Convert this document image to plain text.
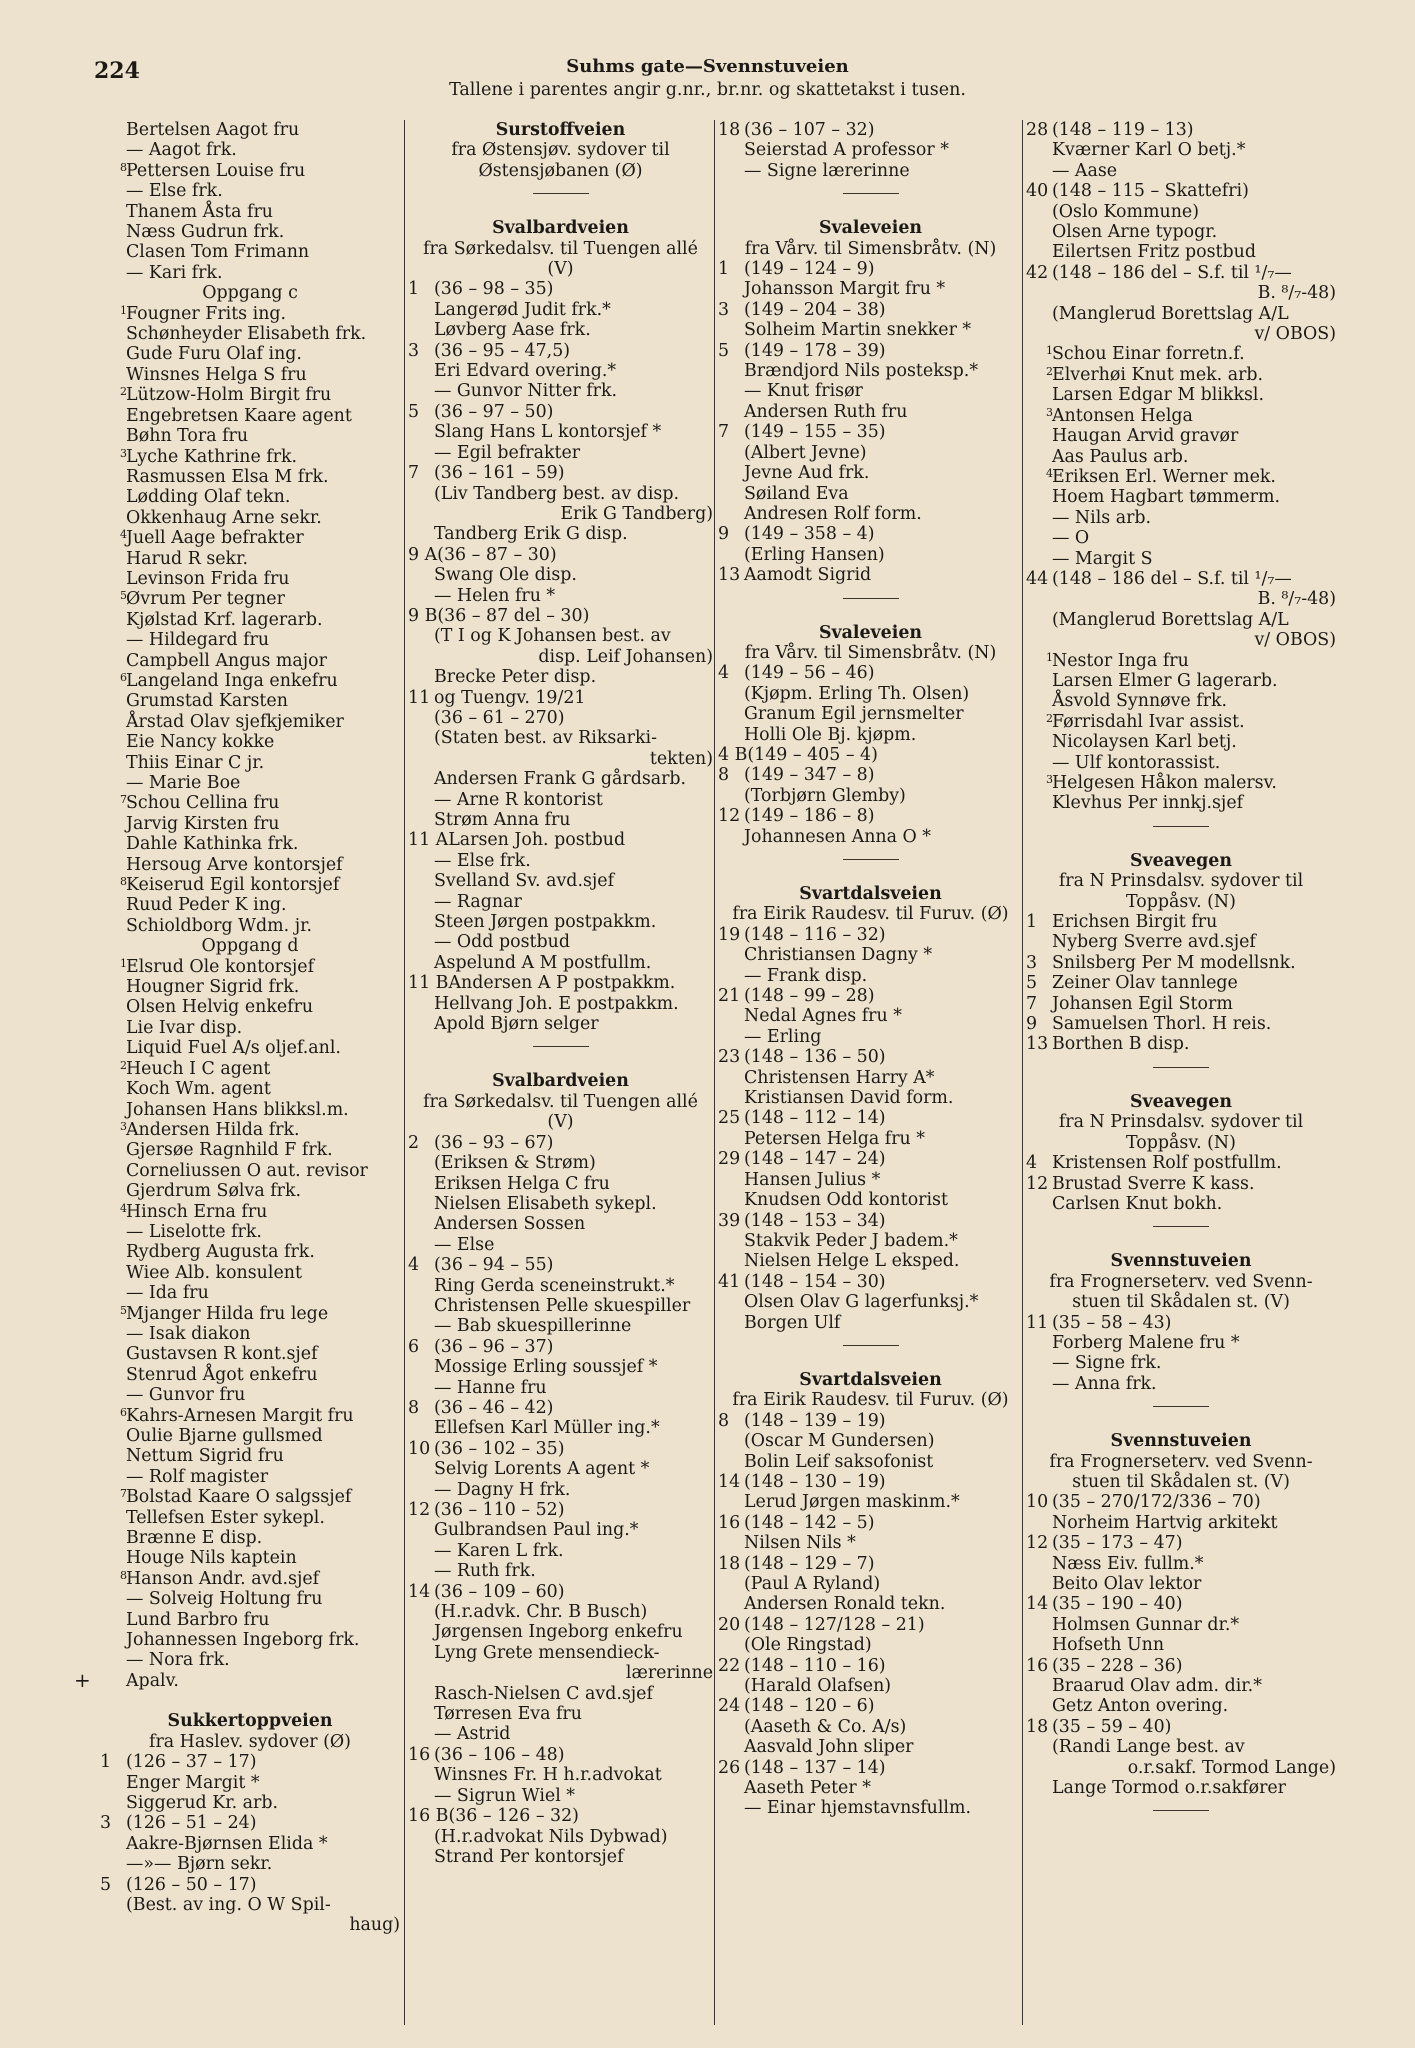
224	Suhms gate—Svennstuveien
Tallene i parentes angir g.nr., br.nr. og skattetakst i tusen.
Bertelsen Aagot fru
— Aagot frk.
8 Pettersen Louise fru
— Else frk.
Thanem Åsta fru
Næss Gudrun frk.
Clasen Tom Frimann
— Kari frk.
Oppgang c
1 Fougner Frits ing.
Schønheyder Elisabeth frk.
Gude Furu Olaf ing.
Winsnes Helga S fru
2 Lützow-Holm Birgit fru
Engebretsen Kaare agent
Bøhn Tora fru
3 Lyche Kathrine frk.
Rasmussen Elsa M frk.
Lødding Olaf tekn.
Okkenhaug Arne sekr.
4 Juell Aage befrakter
Harud R sekr.
Levinson Frida fru
5 Øvrum Per tegner
Kjølstad Krf. lagerarb.
— Hildegard fru
Campbell Angus major
6 Langeland Inga enkefru
Grumstad Karsten
Årstad Olav sjefkjemiker
Eie Nancy kokke
Thiis Einar C jr.
— Marie Boe
7 Schou Cellina fru
Jarvig Kirsten fru
Dahle Kathinka frk.
Hersoug Arve kontorsjef
8 Keiserud Egil kontorsjef
Ruud Peder K ing.
Schioldborg Wdm. jr.
Oppgang d
1 Elsrud Ole kontorsjef
Hougner Sigrid frk.
Olsen Helvig enkefru
Lie Ivar disp.
Liquid Fuel A/s oljef.anl.
2 Heuch I C agent
Koch Wm. agent
Johansen Hans blikksl.m.
3 Andersen Hilda frk.
Gjersøe Ragnhild F frk.
Corneliussen O aut. revisor
Gjerdrum Sølva frk.
4 Hinsch Erna fru
— Liselotte frk.
Rydberg Augusta frk.
Wiee Alb. konsulent
— Ida fru
5 Mjanger Hilda fru lege
— Isak diakon
Gustavsen R kont.sjef
Stenrud Ågot enkefru
— Gunvor fru
6 Kahrs-Arnesen Margit fru
Oulie Bjarne gullsmed
Nettum Sigrid fru
— Rolf magister
7 Bolstad Kaare O salgssjef
Tellefsen Ester sykepl.
Brænne E disp.
Houge Nils kaptein
8 Hanson Andr. avd.sjef
— Solveig Holtung fru
Lund Barbro fru
Johannessen Ingeborg frk.
— Nora frk.
+ Apalv.
Sukkertoppveien
fra Haslev. sydover (Ø)
1 (126 – 37 – 17)
Enger Margit *
Siggerud Kr. arb.
3 (126 – 51 – 24)
Aakre-Bjørnsen Elida *
—»— Bjørn sekr.
5 (126 – 50 – 17)
(Best. av ing. O W Spil-
haug)
Surstoffveien
fra Østensjøv. sydover til Østensjøbanen (Ø)
Svalbardveien
fra Sørkedalsv. til Tuengen allé (V)
1 (36 – 98 – 35)
Langerød Judit frk.*
Løvberg Aase frk.
3 (36 – 95 – 47,5)
Eri Edvard overing.*
— Gunvor Nitter frk.
5 (36 – 97 – 50)
Slang Hans L kontorsjef *
— Egil befrakter
7 (36 – 161 – 59)
(Liv Tandberg best. av disp.
Erik G Tandberg)
Tandberg Erik G disp.
9 A(36 – 87 – 30)
Swang Ole disp.
— Helen fru *
9 B(36 – 87 del – 30)
(T I og K Johansen best. av
disp. Leif Johansen)
Brecke Peter disp.
11 og Tuengv. 19/21
(36 – 61 – 270)
(Staten best. av Riksarki-
tekten)
Andersen Frank G gårdsarb.
— Arne R kontorist
Strøm Anna fru
11 ALarsen Joh. postbud
— Else frk.
Svelland Sv. avd.sjef
— Ragnar
Steen Jørgen postpakkm.
— Odd postbud
Aspelund A M postfullm.
11 BAndersen A P postpakkm.
Hellvang Joh. E postpakkm.
Apold Bjørn selger
Svalbardveien
fra Sørkedalsv. til Tuengen allé (V)
2 (36 – 93 – 67)
(Eriksen & Strøm)
Eriksen Helga C fru
Nielsen Elisabeth sykepl.
Andersen Sossen
— Else
4 (36 – 94 – 55)
Ring Gerda sceneinstrukt.*
Christensen Pelle skuespiller
— Bab skuespillerinne
6 (36 – 96 – 37)
Mossige Erling soussjef *
— Hanne fru
8 (36 – 46 – 42)
Ellefsen Karl Müller ing.*
10 (36 – 102 – 35)
Selvig Lorents A agent *
— Dagny H frk.
12 (36 – 110 – 52)
Gulbrandsen Paul ing.*
— Karen L frk.
— Ruth frk.
14 (36 – 109 – 60)
(H.r.advk. Chr. B Busch)
Jørgensen Ingeborg enkefru
Lyng Grete mensendieck-
lærerinne
Rasch-Nielsen C avd.sjef
Tørresen Eva fru
— Astrid
16 (36 – 106 – 48)
Winsnes Fr. H h.r.advokat
— Sigrun Wiel *
16 B(36 – 126 – 32)
(H.r.advokat Nils Dybwad)
Strand Per kontorsjef
18 (36 – 107 – 32)
Seierstad A professor *
— Signe lærerinne
Svaleveien
fra Vårv. til Simensbråtv. (N)
1 (149 – 124 – 9)
Johansson Margit fru *
3 (149 – 204 – 38)
Solheim Martin snekker *
5 (149 – 178 – 39)
Brændjord Nils posteksp.*
— Knut frisør
Andersen Ruth fru
7 (149 – 155 – 35)
(Albert Jevne)
Jevne Aud frk.
Søiland Eva
Andresen Rolf form.
9 (149 – 358 – 4)
(Erling Hansen)
13 Aamodt Sigrid
Svaleveien
fra Vårv. til Simensbråtv. (N)
4 (149 – 56 – 46)
(Kjøpm. Erling Th. Olsen)
Granum Egil jernsmelter
Holli Ole Bj. kjøpm.
4 B(149 – 405 – 4)
8 (149 – 347 – 8)
(Torbjørn Glemby)
12 (149 – 186 – 8)
Johannesen Anna O *
Svartdalsveien
fra Eirik Raudesv. til Furuv. (Ø)
19 (148 – 116 – 32)
Christiansen Dagny *
— Frank disp.
21 (148 – 99 – 28)
Nedal Agnes fru *
— Erling
23 (148 – 136 – 50)
Christensen Harry A*
Kristiansen David form.
25 (148 – 112 – 14)
Petersen Helga fru *
29 (148 – 147 – 24)
Hansen Julius *
Knudsen Odd kontorist
39 (148 – 153 – 34)
Stakvik Peder J badem.*
Nielsen Helge L eksped.
41 (148 – 154 – 30)
Olsen Olav G lagerfunksj.*
Borgen Ulf
Svartdalsveien
fra Eirik Raudesv. til Furuv. (Ø)
8 (148 – 139 – 19)
(Oscar M Gundersen)
Bolin Leif saksofonist
14 (148 – 130 – 19)
Lerud Jørgen maskinm.*
16 (148 – 142 – 5)
Nilsen Nils *
18 (148 – 129 – 7)
(Paul A Ryland)
Andersen Ronald tekn.
20 (148 – 127/128 – 21)
(Ole Ringstad)
22 (148 – 110 – 16)
(Harald Olafsen)
24 (148 – 120 – 6)
(Aaseth & Co. A/s)
Aasvald John sliper
26 (148 – 137 – 14)
Aaseth Peter *
— Einar hjemstavnsfullm.
28 (148 – 119 – 13)
Kværner Karl O betj.*
— Aase
40 (148 – 115 – Skattefri)
(Oslo Kommune)
Olsen Arne typogr.
Eilertsen Fritz postbud
42 (148 – 186 del – S.f. til ¹/₇—
B. ⁸/₇-48)
(Manglerud Borettslag A/L
v/ OBOS)
1 Schou Einar forretn.f.
2 Elverhøi Knut mek. arb.
Larsen Edgar M blikksl.
3 Antonsen Helga
Haugan Arvid gravør
Aas Paulus arb.
4 Eriksen Erl. Werner mek.
Hoem Hagbart tømmerm.
— Nils arb.
— O
— Margit S
44 (148 – 186 del – S.f. til ¹/₇—
B. ⁸/₇-48)
(Manglerud Borettslag A/L
v/ OBOS)
1 Nestor Inga fru
Larsen Elmer G lagerarb.
Åsvold Synnøve frk.
2 Førrisdahl Ivar assist.
Nicolaysen Karl betj.
— Ulf kontorassist.
3 Helgesen Håkon malersv.
Klevhus Per innkj.sjef
Sveavegen
fra N Prinsdalsv. sydover til Toppåsv. (N)
1 Erichsen Birgit fru
Nyberg Sverre avd.sjef
3 Snilsberg Per M modellsnk.
5 Zeiner Olav tannlege
7 Johansen Egil Storm
9 Samuelsen Thorl. H reis.
13 Borthen B disp.
Sveavegen
fra N Prinsdalsv. sydover til Toppåsv. (N)
4 Kristensen Rolf postfullm.
12 Brustad Sverre K kass.
Carlsen Knut bokh.
Svennstuveien
fra Frognerseterv. ved Svenn- stuen til Skådalen st. (V)
11 (35 – 58 – 43)
Forberg Malene fru *
— Signe frk.
— Anna frk.
Svennstuveien
fra Frognerseterv. ved Svenn- stuen til Skådalen st. (V)
10 (35 – 270/172/336 – 70)
Norheim Hartvig arkitekt
12 (35 – 173 – 47)
Næss Eiv. fullm.*
Beito Olav lektor
14 (35 – 190 – 40)
Holmsen Gunnar dr.*
Hofseth Unn
16 (35 – 228 – 36)
Braarud Olav adm. dir.*
Getz Anton overing.
18 (35 – 59 – 40)
(Randi Lange best. av
o.r.sakf. Tormod Lange)
Lange Tormod o.r.sakfører
